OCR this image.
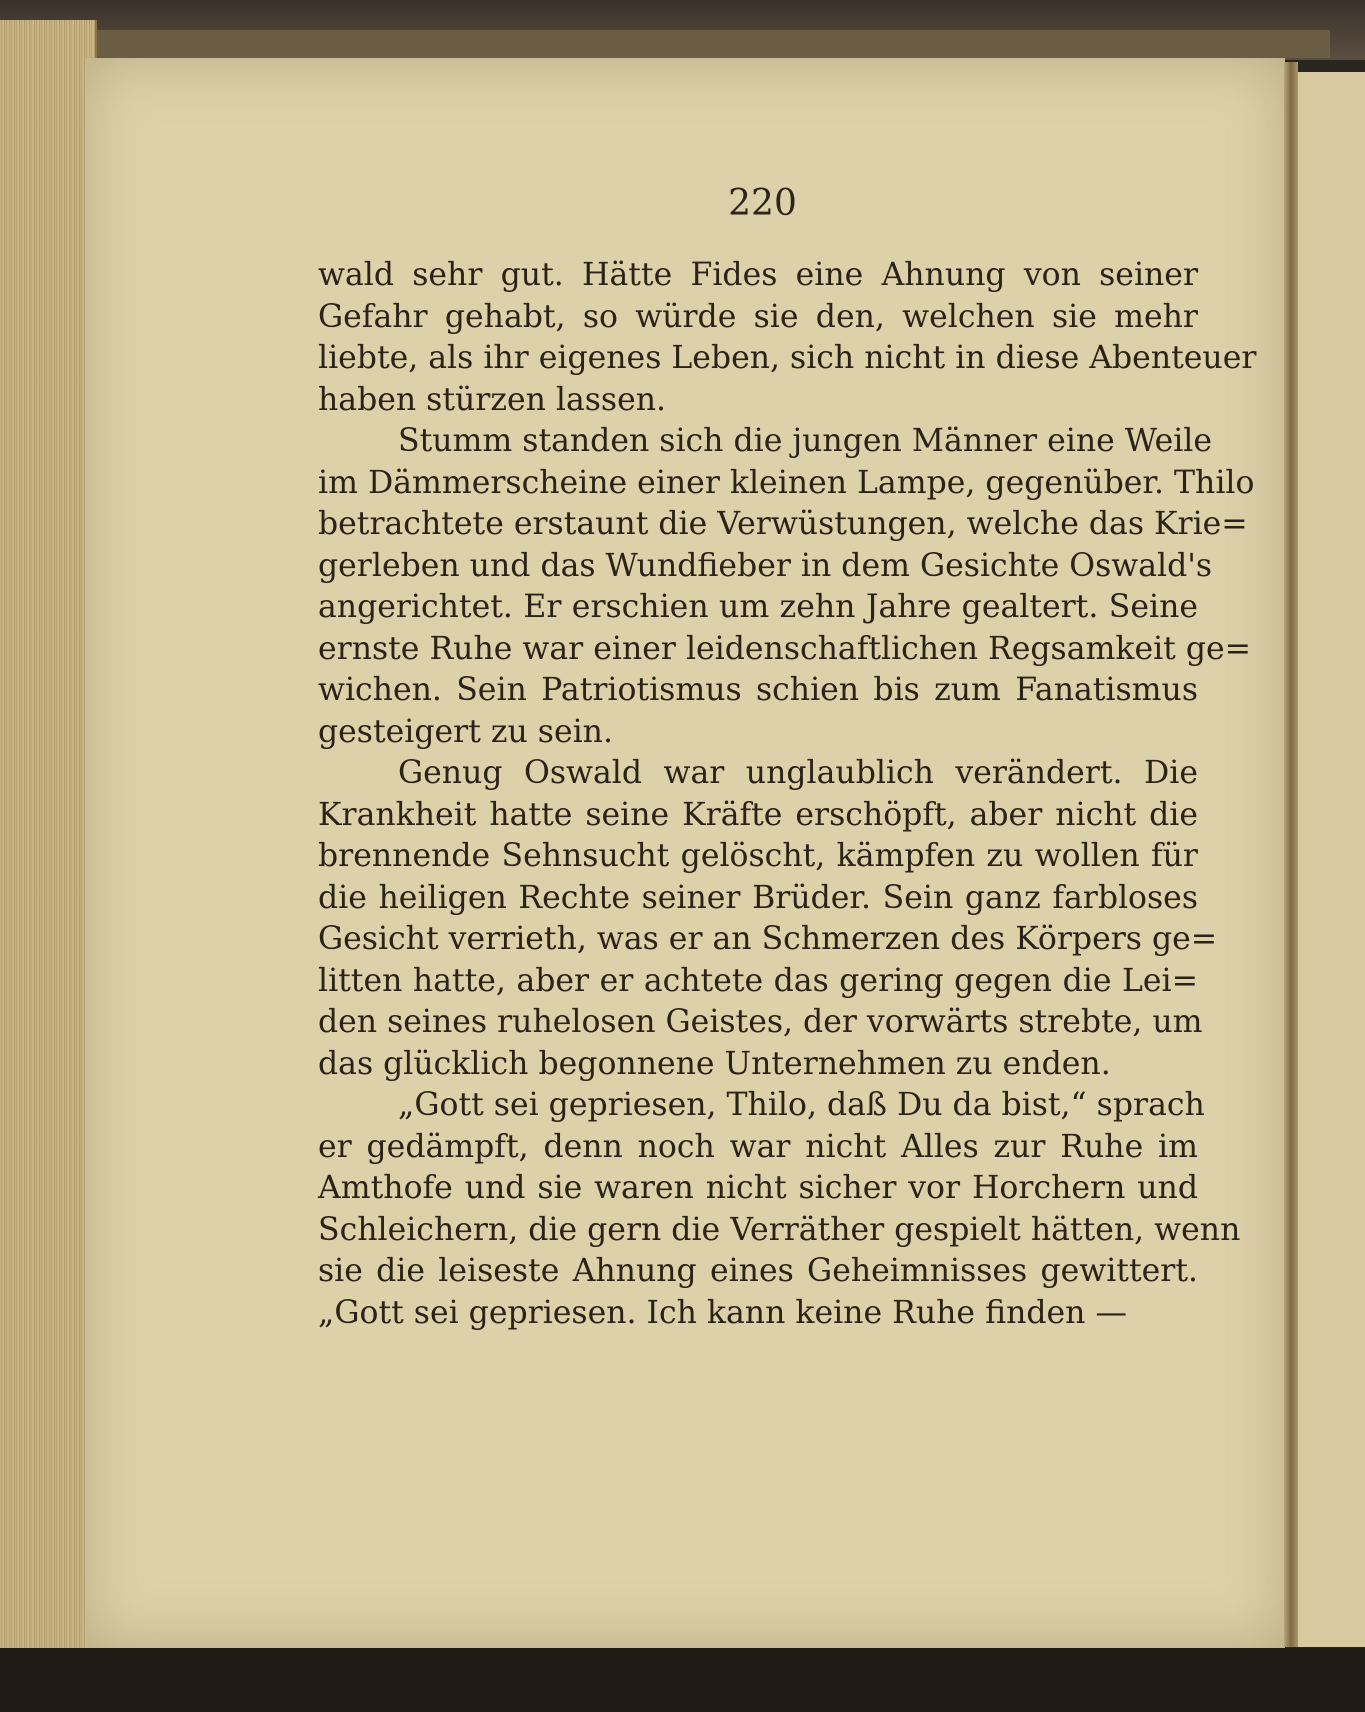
220
wald sehr gut. Hätte Fides eine Ahnung von seiner
Gefahr gehabt, so würde sie den, welchen sie mehr
liebte, als ihr eigenes Leben, sich nicht in diese Abenteuer
haben stürzen lassen.
Stumm standen sich die jungen Männer eine Weile
im Dämmerscheine einer kleinen Lampe, gegenüber. Thilo
betrachtete erstaunt die Verwüstungen, welche das Krie=
gerleben und das Wundfieber in dem Gesichte Oswald's
angerichtet. Er erschien um zehn Jahre gealtert. Seine
ernste Ruhe war einer leidenschaftlichen Regsamkeit ge=
wichen. Sein Patriotismus schien bis zum Fanatismus
gesteigert zu sein.
Genug Oswald war unglaublich verändert. Die
Krankheit hatte seine Kräfte erschöpft, aber nicht die
brennende Sehnsucht gelöscht, kämpfen zu wollen für
die heiligen Rechte seiner Brüder. Sein ganz farbloses
Gesicht verrieth, was er an Schmerzen des Körpers ge=
litten hatte, aber er achtete das gering gegen die Lei=
den seines ruhelosen Geistes, der vorwärts strebte, um
das glücklich begonnene Unternehmen zu enden.
„Gott sei gepriesen, Thilo, daß Du da bist,“ sprach
er gedämpft, denn noch war nicht Alles zur Ruhe im
Amthofe und sie waren nicht sicher vor Horchern und
Schleichern, die gern die Verräther gespielt hätten, wenn
sie die leiseste Ahnung eines Geheimnisses gewittert.
„Gott sei gepriesen. Ich kann keine Ruhe finden —
